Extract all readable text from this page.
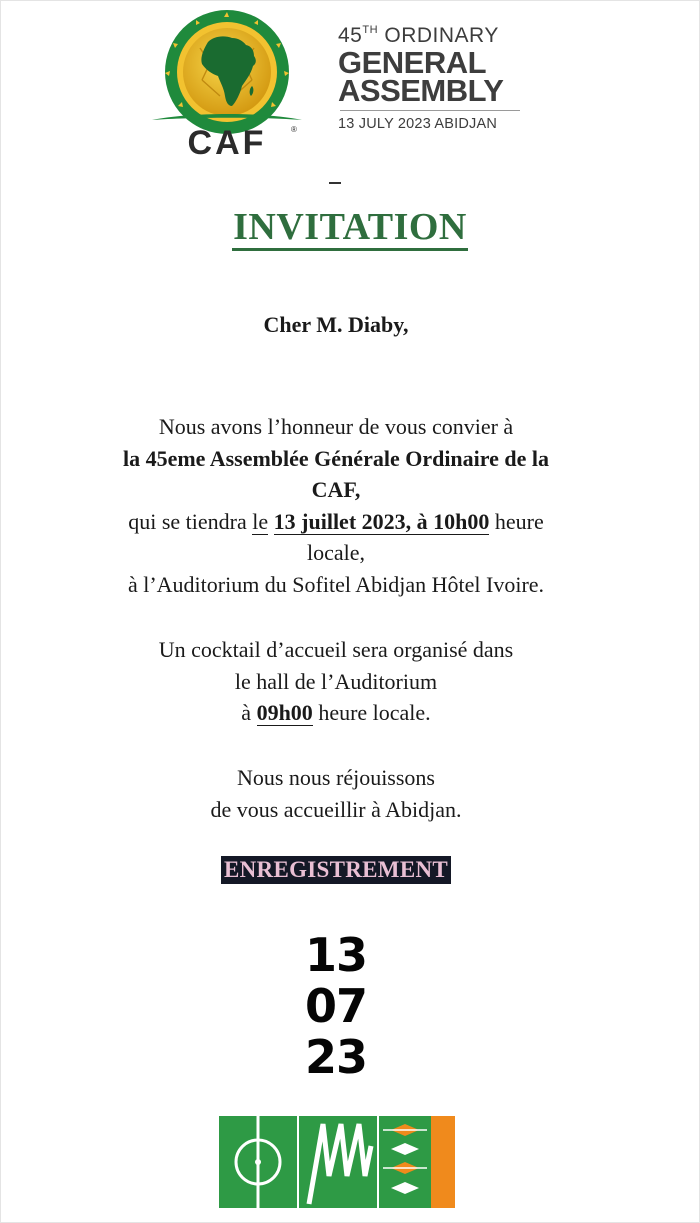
CAF	®
45TH ORDINARY
GENERAL
ASSEMBLY
13 JULY 2023 ABIDJAN
INVITATION
Cher M. Diaby,
Nous avons l’honneur de vous convier à
la 45eme Assemblée Générale Ordinaire de la
CAF,
qui se tiendra le 13 juillet 2023, à 10h00 heure
locale,
à l’Auditorium du Sofitel Abidjan Hôtel Ivoire.
Un cocktail d’accueil sera organisé dans
le hall de l’Auditorium
à 09h00 heure locale.
Nous nous réjouissons
de vous accueillir à Abidjan.
ENREGISTREMENT
13
07
23
